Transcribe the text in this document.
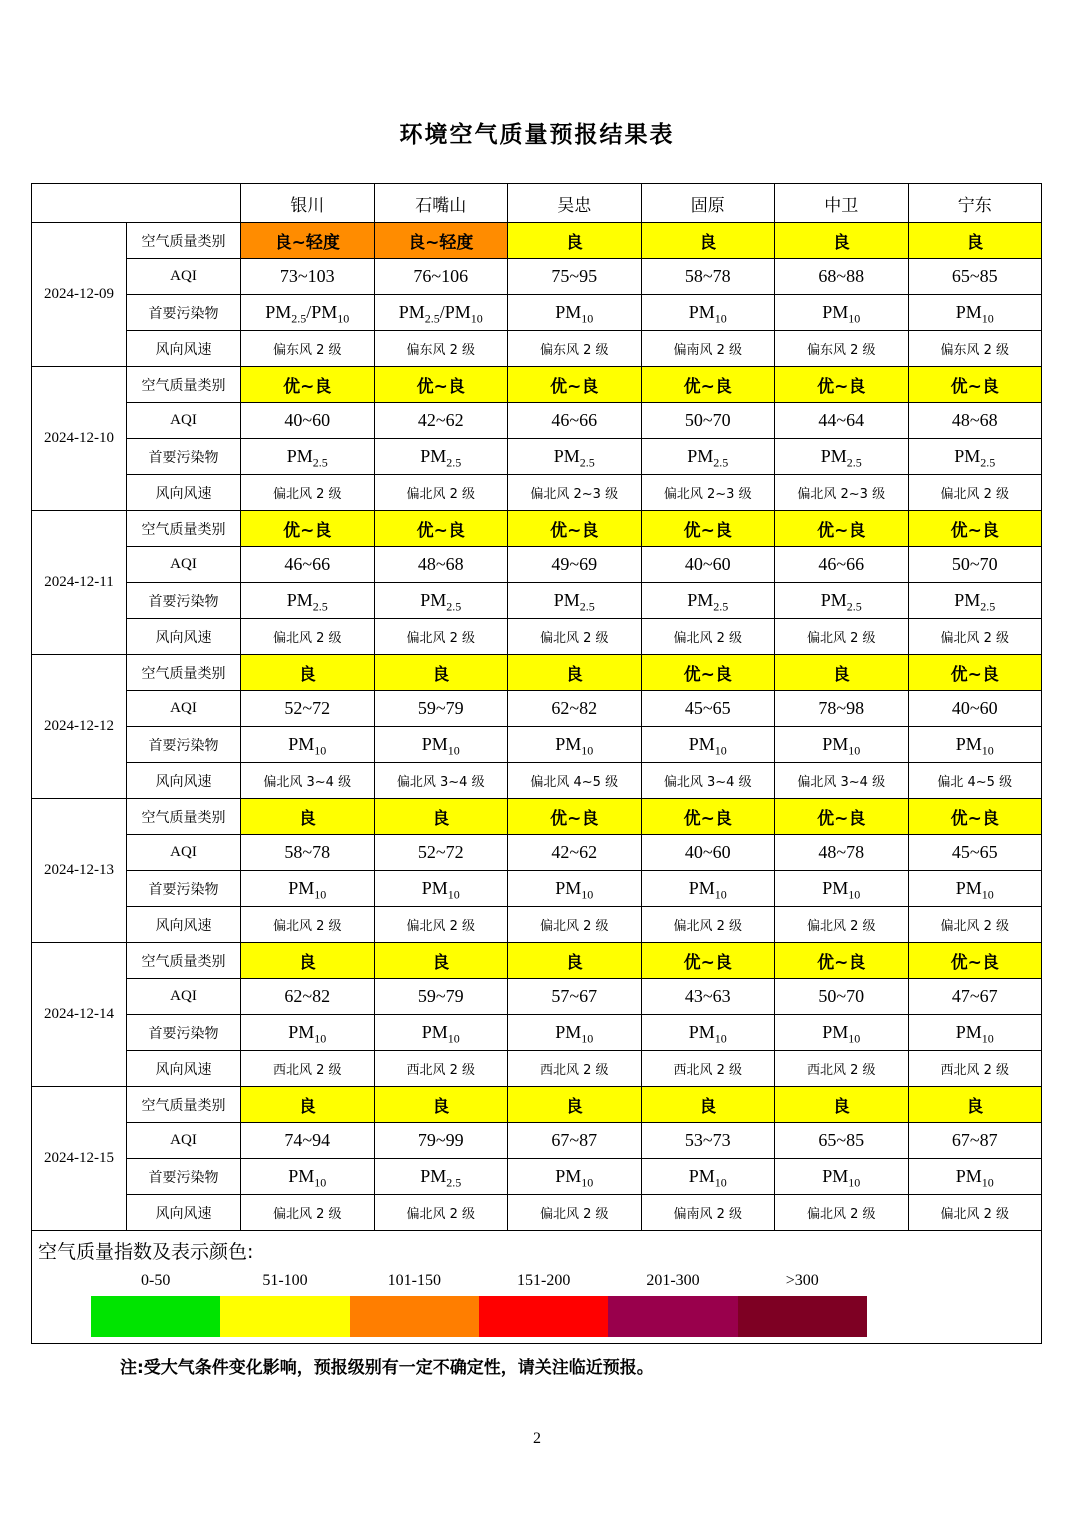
环境空气质量预报结果表
		银川	石嘴山	吴忠	固原	中卫	宁东
2024-12-09	空气质量类别	良~轻度	良~轻度	良	良	良	良
	AQI	73~103	76~106	75~95	58~78	68~88	65~85
	首要污染物	$PM_{2.5}/PM_{10}$	$PM_{2.5}/PM_{10}$	$PM_{10}$	$PM_{10}$	$PM_{10}$	$PM_{10}$
	风向风速	偏东风 2 级	偏东风 2 级	偏东风 2 级	偏南风 2 级	偏东风 2 级	偏东风 2 级
2024-12-10	空气质量类别	优~良	优~良	优~良	优~良	优~良	优~良
	AQI	40~60	42~62	46~66	50~70	44~64	48~68
	首要污染物	$PM_{2.5}$	$PM_{2.5}$	$PM_{2.5}$	$PM_{2.5}$	$PM_{2.5}$	$PM_{2.5}$
	风向风速	偏北风 2 级	偏北风 2 级	偏北风 2~3 级	偏北风 2~3 级	偏北风 2~3 级	偏北风 2 级
2024-12-11	空气质量类别	优~良	优~良	优~良	优~良	优~良	优~良
	AQI	46~66	48~68	49~69	40~60	46~66	50~70
	首要污染物	$PM_{2.5}$	$PM_{2.5}$	$PM_{2.5}$	$PM_{2.5}$	$PM_{2.5}$	$PM_{2.5}$
	风向风速	偏北风 2 级	偏北风 2 级	偏北风 2 级	偏北风 2 级	偏北风 2 级	偏北风 2 级
2024-12-12	空气质量类别	良	良	良	优~良	良	优~良
	AQI	52~72	59~79	62~82	45~65	78~98	40~60
	首要污染物	$PM_{10}$	$PM_{10}$	$PM_{10}$	$PM_{10}$	$PM_{10}$	$PM_{10}$
	风向风速	偏北风 3~4 级	偏北风 3~4 级	偏北风 4~5 级	偏北风 3~4 级	偏北风 3~4 级	偏北 4~5 级
2024-12-13	空气质量类别	良	良	优~良	优~良	优~良	优~良
	AQI	58~78	52~72	42~62	40~60	48~78	45~65
	首要污染物	$PM_{10}$	$PM_{10}$	$PM_{10}$	$PM_{10}$	$PM_{10}$	$PM_{10}$
	风向风速	偏北风 2 级	偏北风 2 级	偏北风 2 级	偏北风 2 级	偏北风 2 级	偏北风 2 级
2024-12-14	空气质量类别	良	良	良	优~良	优~良	优~良
	AQI	62~82	59~79	57~67	43~63	50~70	47~67
	首要污染物	$PM_{10}$	$PM_{10}$	$PM_{10}$	$PM_{10}$	$PM_{10}$	$PM_{10}$
	风向风速	西北风 2 级	西北风 2 级	西北风 2 级	西北风 2 级	西北风 2 级	西北风 2 级
2024-12-15	空气质量类别	良	良	良	良	良	良
	AQI	74~94	79~99	67~87	53~73	65~85	67~87
	首要污染物	$PM_{10}$	$PM_{2.5}$	$PM_{10}$	$PM_{10}$	$PM_{10}$	$PM_{10}$
	风向风速	偏北风 2 级	偏北风 2 级	偏北风 2 级	偏南风 2 级	偏北风 2 级	偏北风 2 级
空气质量指数及表示颜色:
0-50	51-100	101-150	151-200	201-300	>300
注:受大气条件变化影响，预报级别有一定不确定性，请关注临近预报。
2
